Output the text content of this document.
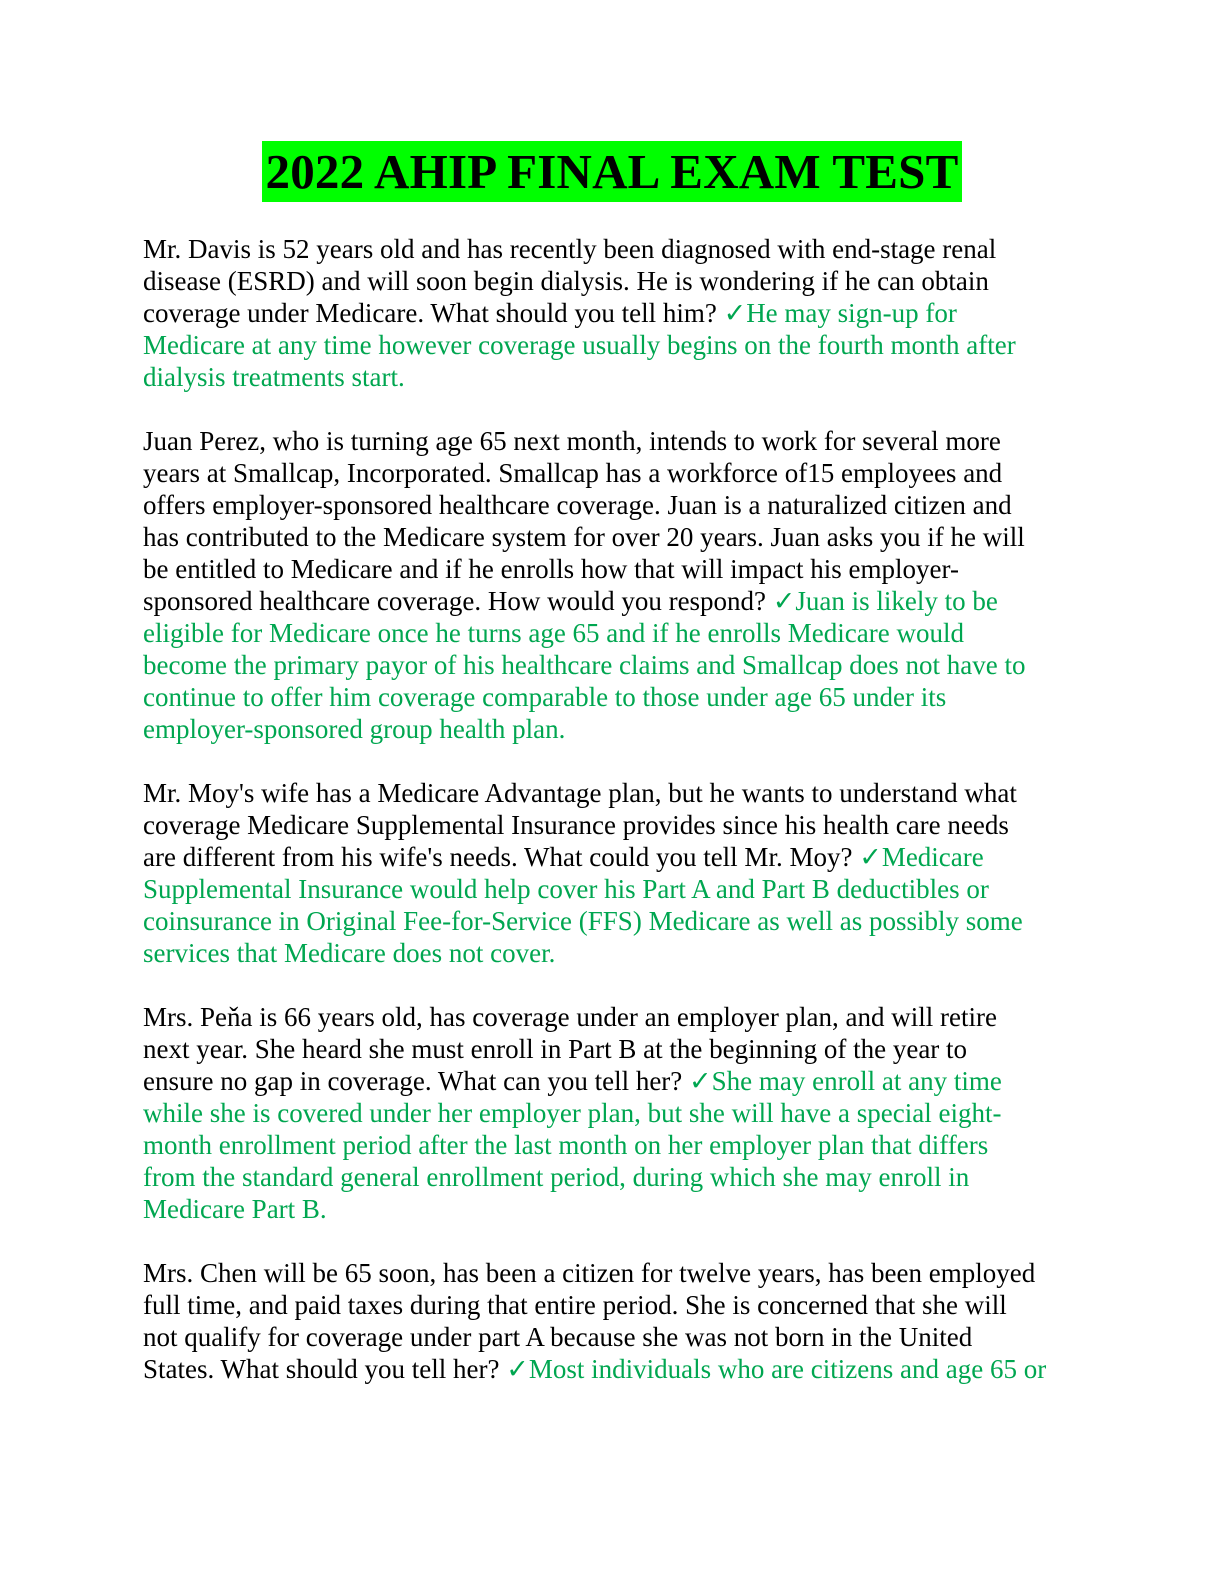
2022 AHIP FINAL EXAM TEST
Mr. Davis is 52 years old and has recently been diagnosed with end-stage renal
disease (ESRD) and will soon begin dialysis. He is wondering if he can obtain
coverage under Medicare. What should you tell him? ✓He may sign-up for
Medicare at any time however coverage usually begins on the fourth month after
dialysis treatments start.
Juan Perez, who is turning age 65 next month, intends to work for several more
years at Smallcap, Incorporated. Smallcap has a workforce of15 employees and
offers employer-sponsored healthcare coverage. Juan is a naturalized citizen and
has contributed to the Medicare system for over 20 years. Juan asks you if he will
be entitled to Medicare and if he enrolls how that will impact his employer-
sponsored healthcare coverage. How would you respond? ✓Juan is likely to be
eligible for Medicare once he turns age 65 and if he enrolls Medicare would
become the primary payor of his healthcare claims and Smallcap does not have to
continue to offer him coverage comparable to those under age 65 under its
employer-sponsored group health plan.
Mr. Moy's wife has a Medicare Advantage plan, but he wants to understand what
coverage Medicare Supplemental Insurance provides since his health care needs
are different from his wife's needs. What could you tell Mr. Moy? ✓Medicare
Supplemental Insurance would help cover his Part A and Part B deductibles or
coinsurance in Original Fee-for-Service (FFS) Medicare as well as possibly some
services that Medicare does not cover.
Mrs. Peňa is 66 years old, has coverage under an employer plan, and will retire
next year. She heard she must enroll in Part B at the beginning of the year to
ensure no gap in coverage. What can you tell her? ✓She may enroll at any time
while she is covered under her employer plan, but she will have a special eight-
month enrollment period after the last month on her employer plan that differs
from the standard general enrollment period, during which she may enroll in
Medicare Part B.
Mrs. Chen will be 65 soon, has been a citizen for twelve years, has been employed
full time, and paid taxes during that entire period. She is concerned that she will
not qualify for coverage under part A because she was not born in the United
States. What should you tell her? ✓Most individuals who are citizens and age 65 or
